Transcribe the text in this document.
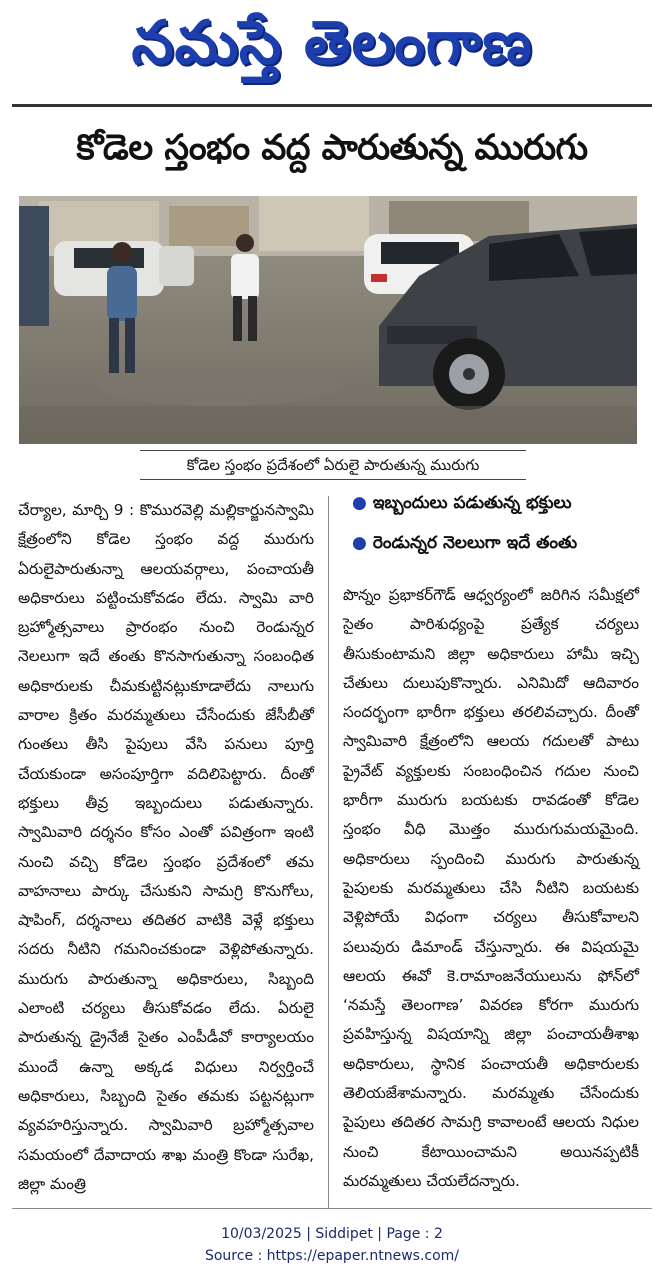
నమస్తే తెలంగాణ
కోడెల స్తంభం వద్ద పారుతున్న మురుగు
కోడెల స్తంభం ప్రదేశంలో ఏరులై పారుతున్న మురుగు

చేర్యాల, మార్చి 9 : కొమురవెల్లి మల్లికార్జునస్వామి క్షేత్రంలోని కోడెల స్తంభం వద్ద మురుగు ఏరులైపారుతున్నా ఆలయవర్గాలు, పంచాయతీ అధికారులు పట్టించుకోవడం లేదు. స్వామి వారి బ్రహ్మోత్సవాలు ప్రారంభం నుంచి రెండున్నర నెలలుగా ఇదే తంతు కొనసాగుతున్నా సంబంధిత అధికారులకు చీమకుట్టినట్లుకూడాలేదు నాలుగు వారాల క్రితం మరమ్మతులు చేసేందుకు జేసీబీతో గుంతలు తీసి పైపులు వేసి పనులు పూర్తి చేయకుండా అసంపూర్తిగా వదిలిపెట్టారు. దీంతో భక్తులు తీవ్ర ఇబ్బందులు పడుతున్నారు. స్వామివారి దర్శనం కోసం ఎంతో పవిత్రంగా ఇంటి నుంచి వచ్చి కోడెల స్తంభం ప్రదేశంలో తమ వాహనాలు పార్కు చేసుకుని సామగ్రి కొనుగోలు, షాపింగ్, దర్శనాలు తదితర వాటికి వెళ్లే భక్తులు సదరు నీటిని గమనించకుండా వెళ్లిపోతున్నారు. మురుగు పారుతున్నా అధికారులు, సిబ్బంది ఎలాంటి చర్యలు తీసుకోవడం లేదు. ఏరులై పారుతున్న డ్రైనేజీ సైతం ఎంపీడీవో కార్యాలయం ముందే ఉన్నా అక్కడ విధులు నిర్వర్తించే అధికారులు, సిబ్బంది సైతం తమకు పట్టనట్లుగా వ్యవహరిస్తున్నారు. స్వామివారి బ్రహ్మోత్సవాల సమయంలో దేవాదాయ శాఖ మంత్రి కొండా సురేఖ, జిల్లా మంత్రి

● ఇబ్బందులు పడుతున్న భక్తులు
● రెండున్నర నెలలుగా ఇదే తంతు

పొన్నం ప్రభాకర్‌గౌడ్ ఆధ్వర్యంలో జరిగిన సమీక్షలో సైతం పారిశుధ్యంపై ప్రత్యేక చర్యలు తీసుకుంటామని జిల్లా అధికారులు హామీ ఇచ్చి చేతులు దులుపుకొన్నారు. ఎనిమిదో ఆదివారం సందర్భంగా భారీగా భక్తులు తరలివచ్చారు. దీంతో స్వామివారి క్షేత్రంలోని ఆలయ గదులతో పాటు ప్రైవేట్ వ్యక్తులకు సంబంధించిన గదుల నుంచి భారీగా మురుగు బయటకు రావడంతో కోడెల స్తంభం వీధి మొత్తం మురుగుమయమైంది. అధికారులు స్పందించి మురుగు పారుతున్న పైపులకు మరమ్మతులు చేసి నీటిని బయటకు వెళ్లిపోయే విధంగా చర్యలు తీసుకోవాలని పలువురు డిమాండ్ చేస్తున్నారు. ఈ విషయమై ఆలయ ఈవో కె.రామాంజనేయులును ఫోన్‌లో ‘నమస్తే తెలంగాణ’ వివరణ కోరగా మురుగు ప్రవహిస్తున్న విషయాన్ని జిల్లా పంచాయతీశాఖ అధికారులు, స్థానిక పంచాయతీ అధికారులకు తెలియజేశామన్నారు. మరమ్మతు చేసేందుకు పైపులు తదితర సామగ్రి కావాలంటే ఆలయ నిధుల నుంచి కేటాయించామని అయినప్పటికీ మరమ్మతులు చేయలేదన్నారు.

10/03/2025 | Siddipet | Page : 2
Source : https://epaper.ntnews.com/
